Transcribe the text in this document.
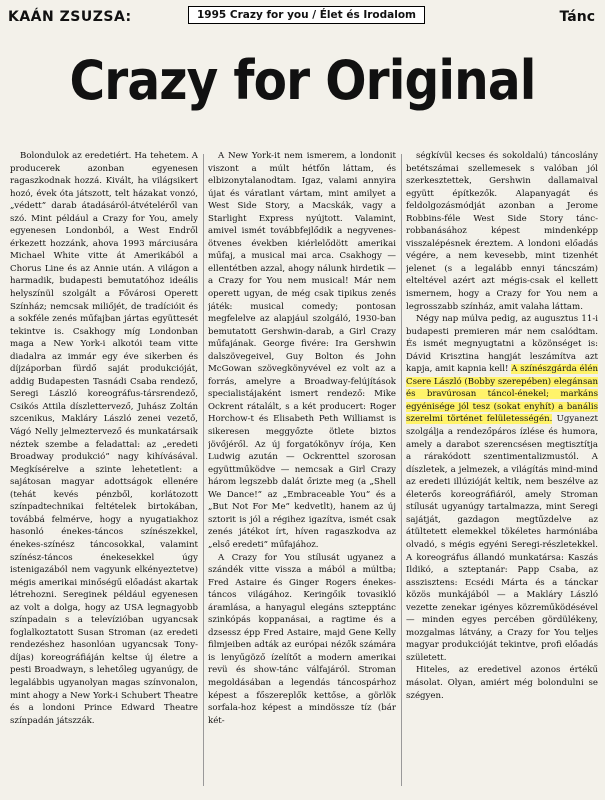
KAÁN ZSUZSA:	1995 Crazy for you / Élet és Irodalom	Tánc
Crazy for Original

Bolondulok az eredetiért. Ha tehetem. A producerek azonban egyenesen ragaszkodnak hozzá. Kivált, ha világsikert hozó, évek óta játszott, telt házakat vonzó, „védett” darab átadásáról-átvételéről van szó. Mint például a Crazy for You, amely egyenesen Londonból, a West Endről érkezett hozzánk, ahova 1993 márciusára Michael White vitte át Amerikából a Chorus Line és az Annie után. A világon a harmadik, budapesti bemutatóhoz ideális helyszínül szolgált a Fővárosi Operett Színház; nemcsak miliőjét, de tradícióit és a sokféle zenés műfajban jártas együttesét tekintve is. Csakhogy míg Londonban maga a New York-i alkotói team vitte diadalra az immár egy éve sikerben és díjzáporban fürdő saját produkcióját, addig Budapesten Tasnádi Csaba rendező, Seregi László koreográfus-társrendező, Csikós Attila díszlettervező, Juhász Zoltán szcenikus, Makláry László zenei vezető, Vágó Nelly jelmeztervező és munkatársaik néztek szembe a feladattal: az „eredeti Broadway produkció” nagy kihívásával. Megkísérelve a szinte lehetetlent: a sajátosan magyar adottságok ellenére (tehát kevés pénzből, korlátozott színpadtechnikai feltételek birtokában, továbbá felmérve, hogy a nyugatiakhoz hasonló énekes-táncos színészekkel, énekes-színész táncosokkal, valamint színész-táncos énekesekkel úgy istenigazából nem vagyunk elkényeztetve) mégis amerikai minőségű előadást akartak létrehozni. Sereginek például egyenesen az volt a dolga, hogy az USA legnagyobb színpadain s a televízióban ugyancsak foglalkoztatott Susan Stroman (az eredeti rendezéshez hasonlóan ugyancsak Tony-díjas) koreográfiáján keltse új életre a pesti Broadwayn, s lehetőleg ugyanúgy, de legalábbis ugyanolyan magas színvonalon, mint ahogy a New York-i Schubert Theatre és a londoni Prince Edward Theatre színpadán játszzák.

A New York-it nem ismerem, a londonit viszont a múlt hétfőn láttam, és elbizonytalanodtam. Igaz, valami annyira újat és váratlant vártam, mint amilyet a West Side Story, a Macskák, vagy a Starlight Express nyújtott. Valamint, amivel ismét továbbfejlődik a negyvenes-ötvenes években kiérlelődött amerikai műfaj, a musical mai arca. Csakhogy — ellentétben azzal, ahogy nálunk hirdetik — a Crazy for You nem musical! Már nem operett ugyan, de még csak tipikus zenés játék: musical comedy; pontosan megfelelve az alapjául szolgáló, 1930-ban bemutatott Gershwin-darab, a Girl Crazy műfajának. George fivére: Ira Gershwin dalszövegeivel, Guy Bolton és John McGowan szövegkönyvével ez volt az a forrás, amelyre a Broadway-felújítások specialistájaként ismert rendező: Mike Ockrent rátalált, s a két producert: Roger Horchow-t és Elisabeth Peth Williamst is sikeresen meggyőzte ötlete biztos jövőjéről. Az új forgatókönyv írója, Ken Ludwig azután — Ockrenttel szorosan együttműködve — nemcsak a Girl Crazy három legszebb dalát őrizte meg (a „Shell We Dance!” az „Embraceable You” és a „But Not For Me” kedvetlt), hanem az új sztorit is jól a régihez igazítva, ismét csak zenés játékot írt, híven ragaszkodva az „első eredeti” műfajához.

A Crazy for You stílusát ugyanez a szándék vitte vissza a mából a múltba; Fred Astaire és Ginger Rogers énekes-táncos világához. Keringőik tovasikló áramlása, a hanyagul elegáns sztepptánc szinkópás koppanásai, a ragtime és a dzsessz épp Fred Astaire, majd Gene Kelly filmjeiben adták az európai nézők számára is lenyűgöző ízelítőt a modern amerikai revü és show-tánc válfajáról. Stroman megoldásában a legendás táncospárhoz képest a főszereplők kettőse, a görlök sorfala-hoz képest a mindössze tíz (bár két-

ségkívül kecses és sokoldalú) táncoslány betétszámai szellemesek s valóban jól szerkesztettek, Gershwin dallamaival együtt építkezők. Alapanyagát és feldolgozásmódját azonban a Jerome Robbins-féle West Side Story tánc-robbanásához képest mindenképp visszalépésnek éreztem. A londoni előadás végére, a nem kevesebb, mint tizenhét jelenet (s a legalább ennyi táncszám) elteltével azért azt mégis-csak el kellett ismernem, hogy a Crazy for You nem a legrosszabb színház, amit valaha láttam.

Négy nap múlva pedig, az augusztus 11-i budapesti premieren már nem csalódtam. És ismét megnyugtatni a közönséget is: Dávid Krisztina hangját leszámítva azt kapja, amit kapnia kell! A színészgárda élén Csere László (Bobby szerepében) elegánsan és bravúrosan táncol-énekel; markáns egyénisége jól tesz (sokat enyhít) a banális szerelmi történet felületességén. Ugyanezt szolgálja a rendezőpáros ízlése és humora, amely a darabot szerencsésen megtisztítja a rárakódott szentimentalizmustól. A díszletek, a jelmezek, a világítás mind-mind az eredeti illúzióját keltik, nem beszélve az életerős koreográfiáról, amely Stroman stílusát ugyanúgy tartalmazza, mint Seregi sajátját, gazdagon megtűzdelve az átültetett elemekkel tökéletes harmóniába olvadó, s mégis egyéni Seregi-részletekkel. A koreográfus állandó munkatársa: Kaszás Ildikó, a szteptanár: Papp Csaba, az asszisztens: Ecsédi Márta és a tánckar közös munkájából — a Makláry László vezette zenekar igényes közreműködésével — minden egyes percében gördülékeny, mozgalmas látvány, a Crazy for You teljes magyar produkcióját tekintve, profi előadás született.

Hiteles, az eredetivel azonos értékű másolat. Olyan, amiért még bolondulni se szégyen.
